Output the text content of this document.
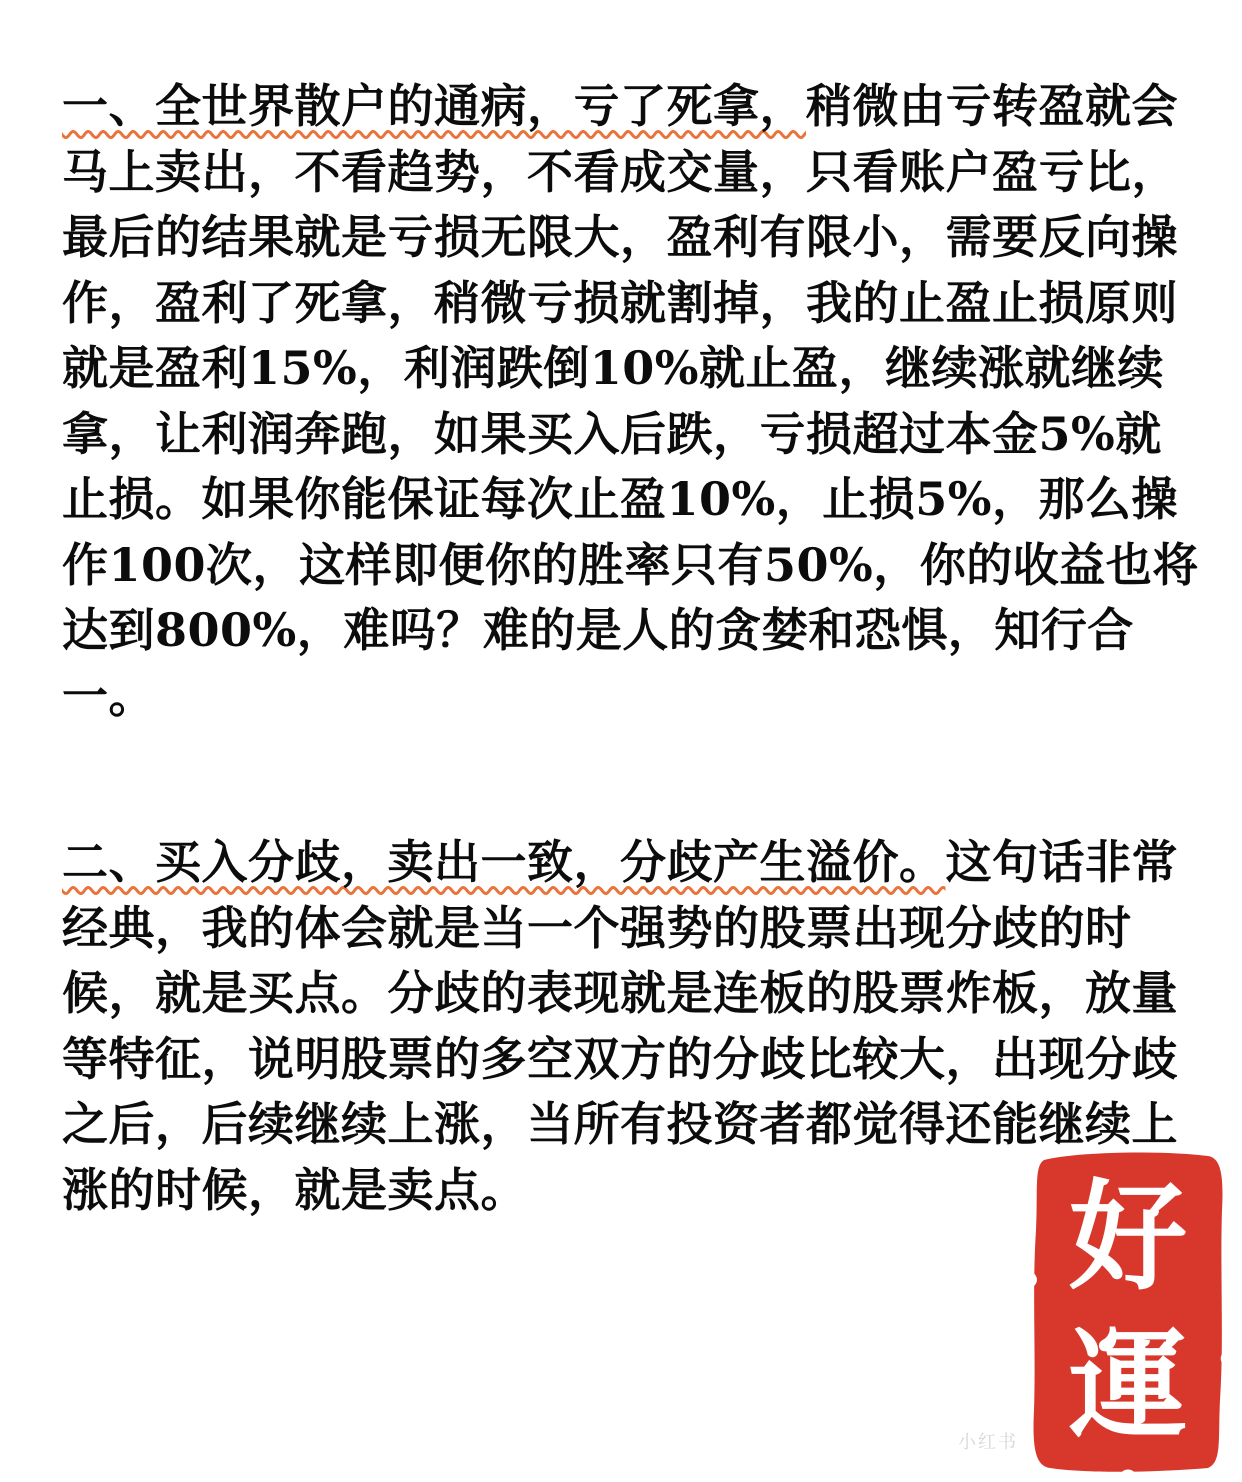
一、全世界散户的通病，亏了死拿，稍微由亏转盈就会马上卖出，不看趋势，不看成交量，只看账户盈亏比，最后的结果就是亏损无限大，盈利有限小，需要反向操作，盈利了死拿，稍微亏损就割掉，我的止盈止损原则就是盈利15%，利润跌倒10%就止盈，继续涨就继续拿，让利润奔跑，如果买入后跌，亏损超过本金5%就止损。如果你能保证每次止盈10%，止损5%，那么操作100次，这样即便你的胜率只有50%，你的收益也将达到800%，难吗？难的是人的贪婪和恐惧，知行合一。

二、买入分歧，卖出一致，分歧产生溢价。这句话非常经典，我的体会就是当一个强势的股票出现分歧的时候，就是买点。分歧的表现就是连板的股票炸板，放量等特征，说明股票的多空双方的分歧比较大，出现分歧之后，后续继续上涨，当所有投资者都觉得还能继续上涨的时候，就是卖点。

小红书
好
運
